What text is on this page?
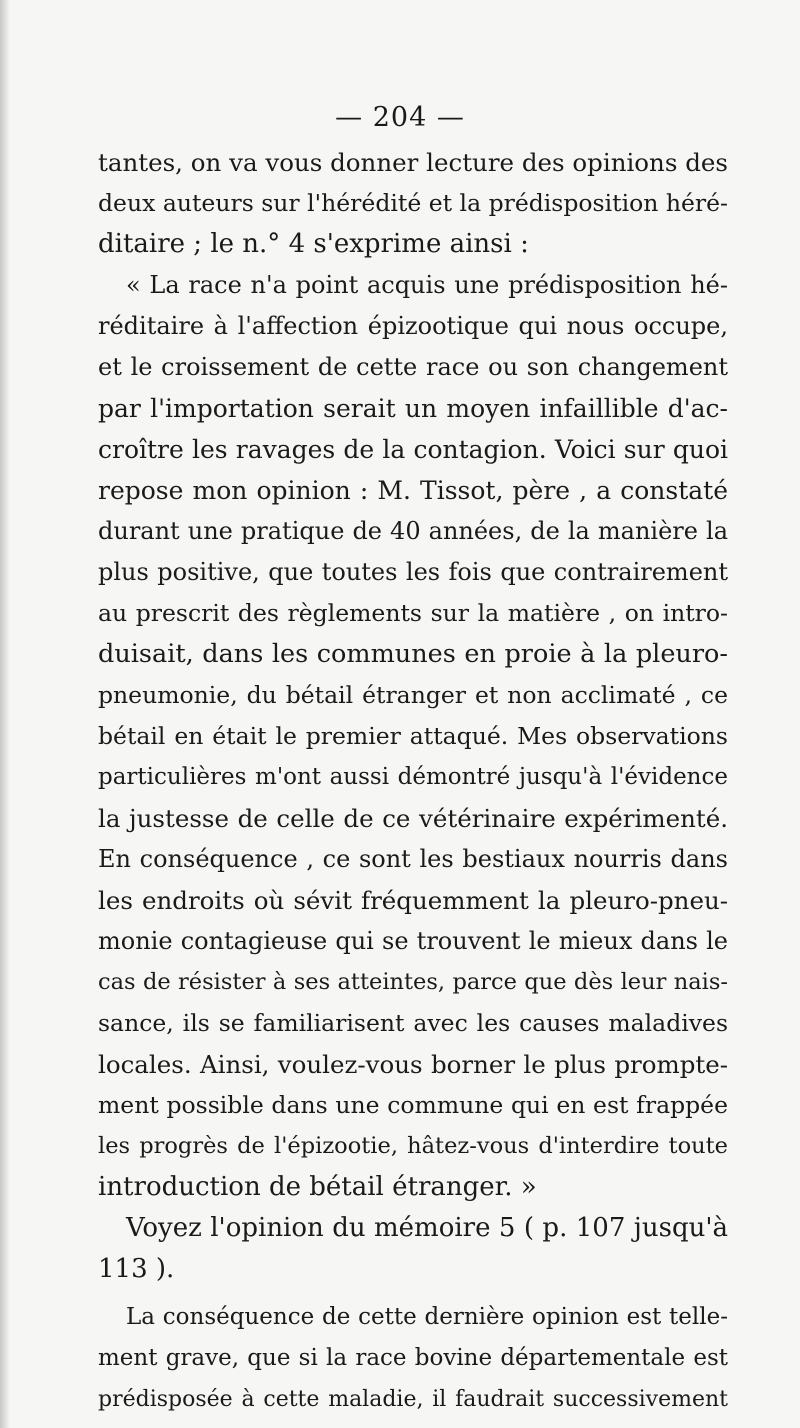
— 204 —
tantes, on va vous donner lecture des opinions des
deux auteurs sur l'hérédité et la prédisposition héré-
ditaire ; le n.° 4 s'exprime ainsi :
« La race n'a point acquis une prédisposition hé-
réditaire à l'affection épizootique qui nous occupe,
et le croissement de cette race ou son changement
par l'importation serait un moyen infaillible d'ac-
croître les ravages de la contagion. Voici sur quoi
repose mon opinion : M. Tissot, père , a constaté
durant une pratique de 40 années, de la manière la
plus positive, que toutes les fois que contrairement
au prescrit des règlements sur la matière , on intro-
duisait, dans les communes en proie à la pleuro-
pneumonie, du bétail étranger et non acclimaté , ce
bétail en était le premier attaqué. Mes observations
particulières m'ont aussi démontré jusqu'à l'évidence
la justesse de celle de ce vétérinaire expérimenté.
En conséquence , ce sont les bestiaux nourris dans
les endroits où sévit fréquemment la pleuro-pneu-
monie contagieuse qui se trouvent le mieux dans le
cas de résister à ses atteintes, parce que dès leur nais-
sance, ils se familiarisent avec les causes maladives
locales. Ainsi, voulez-vous borner le plus prompte-
ment possible dans une commune qui en est frappée
les progrès de l'épizootie, hâtez-vous d'interdire toute
introduction de bétail étranger. »
Voyez l'opinion du mémoire 5 ( p. 107 jusqu'à
113 ).
La conséquence de cette dernière opinion est telle-
ment grave, que si la race bovine départementale est
prédisposée à cette maladie, il faudrait successivement
